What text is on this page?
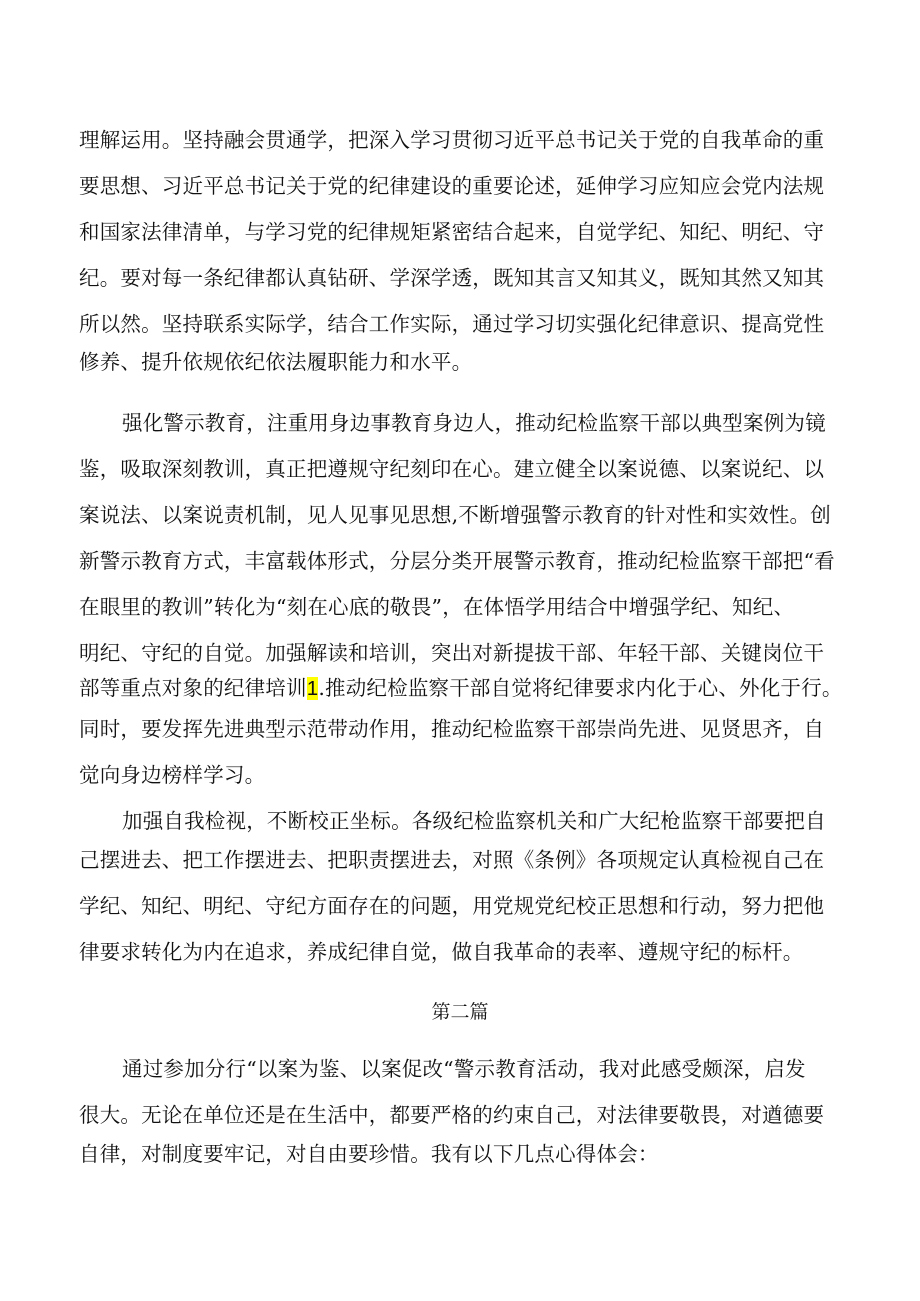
理解运用。坚持融会贯通学，把深入学习贯彻习近平总书记关于党的自我革命的重
要思想、习近平总书记关于党的纪律建设的重要论述，延伸学习应知应会党内法规
和国家法律清单，与学习党的纪律规矩紧密结合起来，自觉学纪、知纪、明纪、守
纪。要对每一条纪律都认真钻研、学深学透，既知其言又知其义，既知其然又知其
所以然。坚持联系实际学，结合工作实际，通过学习切实强化纪律意识、提高党性
修养、提升依规依纪依法履职能力和水平。
强化警示教育，注重用身边事教育身边人，推动纪检监察干部以典型案例为镜
鉴，吸取深刻教训，真正把遵规守纪刻印在心。建立健全以案说德、以案说纪、以
案说法、以案说责机制，见人见事见思想,不断增强警示教育的针对性和实效性。创
新警示教育方式，丰富载体形式，分层分类开展警示教育，推动纪检监察干部把“看
在眼里的教训”转化为“刻在心底的敬畏”，在体悟学用结合中增强学纪、知纪、
明纪、守纪的自觉。加强解读和培训，突出对新提拔干部、年轻干部、关键岗位干
部等重点对象的纪律培训1.推动纪检监察干部自觉将纪律要求内化于心、外化于行。
同时，要发挥先进典型示范带动作用，推动纪检监察干部崇尚先进、见贤思齐，自
觉向身边榜样学习。
加强自我检视，不断校正坐标。各级纪检监察机关和广大纪枪监察干部要把自
己摆进去、把工作摆进去、把职责摆进去，对照《条例》各项规定认真检视自己在
学纪、知纪、明纪、守纪方面存在的问题，用党规党纪校正思想和行动，努力把他
律要求转化为内在追求，养成纪律自觉，做自我革命的表率、遵规守纪的标杆。
第二篇
通过参加分行“以案为鉴、以案促改“警示教育活动，我对此感受颇深，启发
很大。无论在单位还是在生活中，都要严格的约束自己，对法律要敬畏，对遒德要
自律，对制度要牢记，对自由要珍惜。我有以下几点心得体会：
